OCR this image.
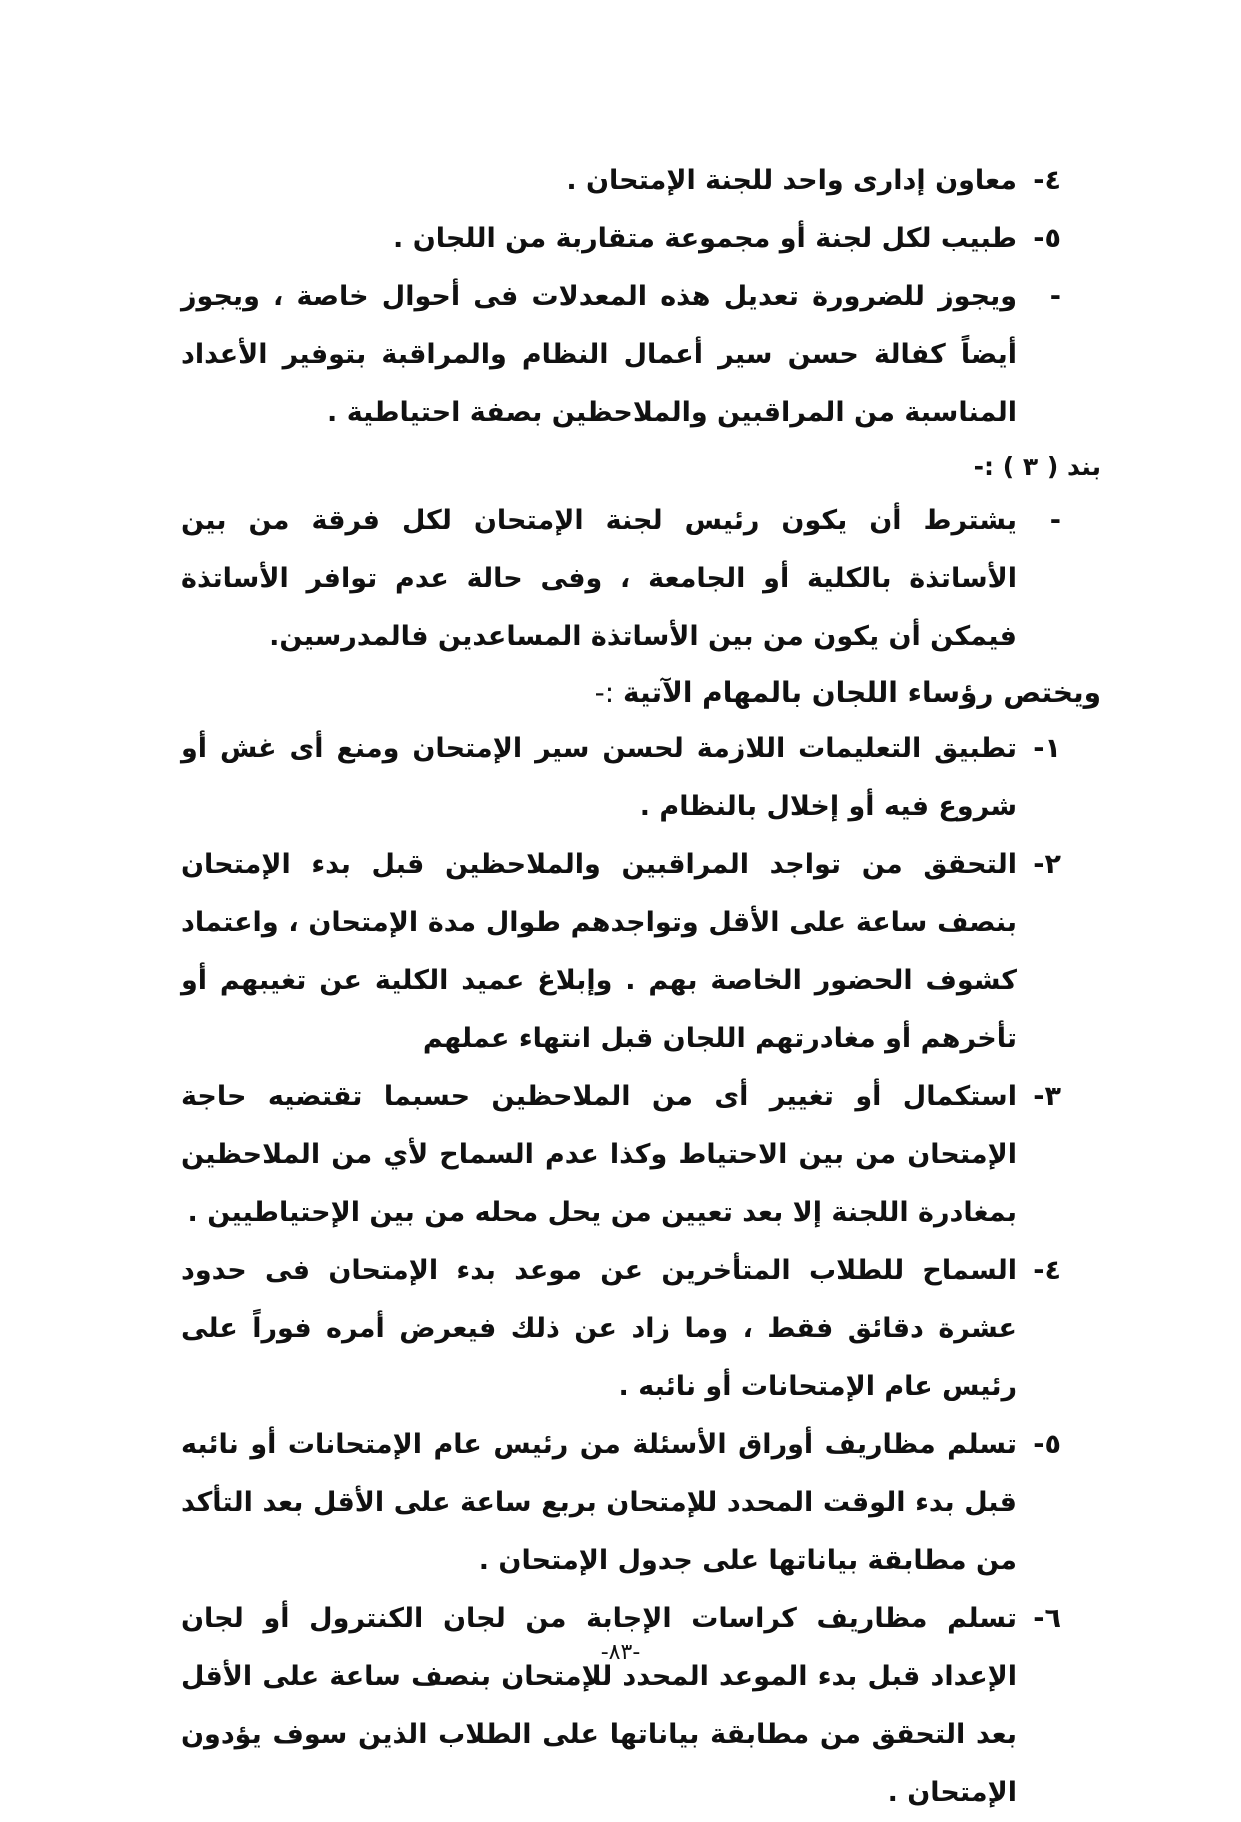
٤-
معاون إدارى واحد للجنة الإمتحان .
٥-
طبيب لكل لجنة أو مجموعة متقاربة من اللجان .
-
ويجوز للضرورة تعديل هذه المعدلات فى أحوال خاصة ، ويجوز أيضاً كفالة حسن سير أعمال النظام والمراقبة بتوفير الأعداد المناسبة من المراقبين والملاحظين بصفة احتياطية .
بند ( ٣ ) :-
-
يشترط أن يكون رئيس لجنة الإمتحان لكل فرقة من بين الأساتذة بالكلية أو الجامعة ، وفى حالة عدم توافر الأساتذة فيمكن أن يكون من بين الأساتذة المساعدين فالمدرسين.
ويختص رؤساء اللجان بالمهام الآتية :-
١-
تطبيق التعليمات اللازمة لحسن سير الإمتحان ومنع أى غش أو شروع فيه أو إخلال بالنظام .
٢-
التحقق من تواجد المراقبين والملاحظين قبل بدء الإمتحان بنصف ساعة على الأقل وتواجدهم طوال مدة الإمتحان ، واعتماد كشوف الحضور الخاصة بهم . وإبلاغ عميد الكلية عن تغيبهم أو تأخرهم أو مغادرتهم اللجان قبل انتهاء عملهم
٣-
استكمال أو تغيير أى من الملاحظين حسبما تقتضيه حاجة الإمتحان من بين الاحتياط وكذا عدم السماح لأي من الملاحظين بمغادرة اللجنة إلا بعد تعيين من يحل محله من بين الإحتياطيين .
٤-
السماح للطلاب المتأخرين عن موعد بدء الإمتحان فى حدود عشرة دقائق فقط ، وما زاد عن ذلك فيعرض أمره فوراً على رئيس عام الإمتحانات أو نائبه .
٥-
تسلم مظاريف أوراق الأسئلة من رئيس عام الإمتحانات أو نائبه قبل بدء الوقت المحدد للإمتحان بربع ساعة على الأقل بعد التأكد من مطابقة بياناتها على جدول الإمتحان .
٦-
تسلم مظاريف كراسات الإجابة من لجان الكنترول أو لجان الإعداد قبل بدء الموعد المحدد للإمتحان بنصف ساعة على الأقل بعد التحقق من مطابقة بياناتها على الطلاب الذين سوف يؤدون الإمتحان .
-٨٣-
